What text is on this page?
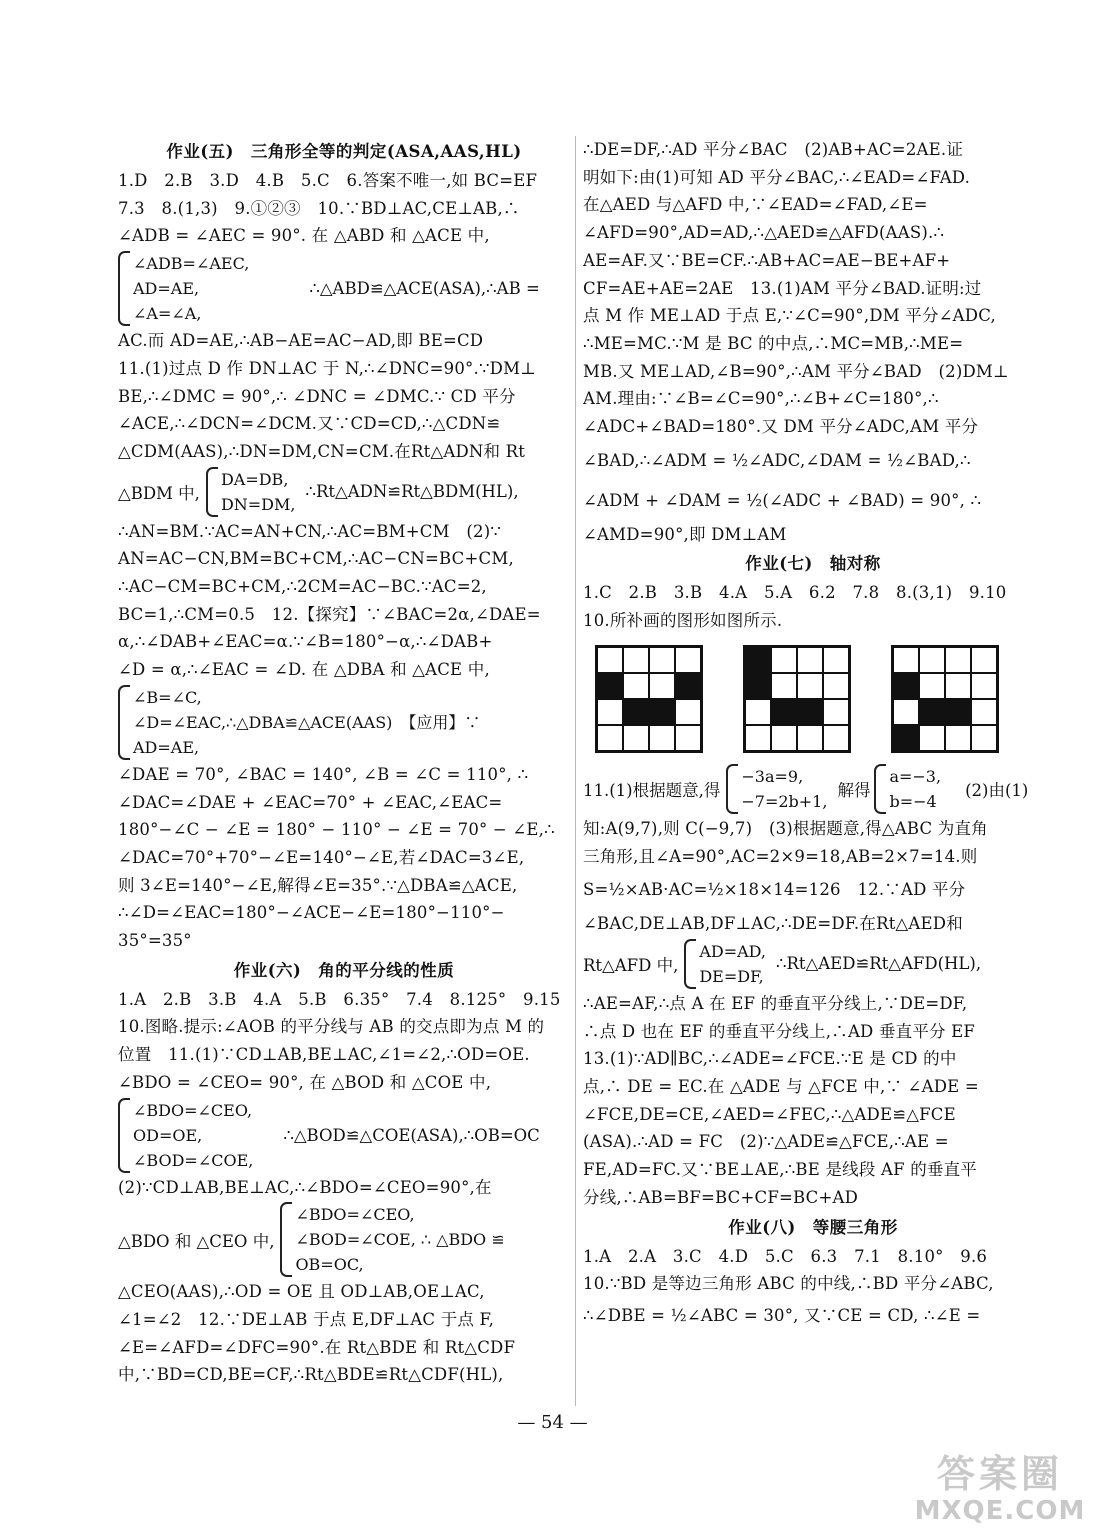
作业(五)　三角形全等的判定(ASA,AAS,HL)
1.D　2.B　3.D　4.B　5.C　6.答案不唯一,如 BC=EF
7.3　8.(1,3)　9.①②③　10.∵BD⊥AC,CE⊥AB,∴
∠ADB = ∠AEC = 90°. 在 △ABD 和 △ACE 中,
∠ADB=∠AEC,
AD=AE,
∠A=∠A,
∴△ABD≌△ACE(ASA),∴AB =
AC.而 AD=AE,∴AB−AE=AC−AD,即 BE=CD
11.(1)过点 D 作 DN⊥AC 于 N,∴∠DNC=90°.∵DM⊥
BE,∴∠DMC = 90°,∴ ∠DNC = ∠DMC.∵ CD 平分
∠ACE,∴∠DCN=∠DCM.又∵CD=CD,∴△CDN≌
△CDM(AAS),∴DN=DM,CN=CM.在Rt△ADN和 Rt
△BDM 中,
DA=DB,
DN=DM,
∴Rt△ADN≌Rt△BDM(HL),
∴AN=BM.∵AC=AN+CN,∴AC=BM+CM　(2)∵
AN=AC−CN,BM=BC+CM,∴AC−CN=BC+CM,
∴AC−CM=BC+CM,∴2CM=AC−BC.∵AC=2,
BC=1,∴CM=0.5　12.【探究】∵∠BAC=2α,∠DAE=
α,∴∠DAB+∠EAC=α.∵∠B=180°−α,∴∠DAB+
∠D = α,∴∠EAC = ∠D. 在 △DBA 和 △ACE 中,
∠B=∠C,
∠D=∠EAC,∴△DBA≌△ACE(AAS)　【应用】∵
AD=AE,
∠DAE = 70°, ∠BAC = 140°, ∠B = ∠C = 110°, ∴
∠DAC=∠DAE + ∠EAC=70° + ∠EAC,∠EAC=
180°−∠C − ∠E = 180° − 110° − ∠E = 70° − ∠E,∴
∠DAC=70°+70°−∠E=140°−∠E,若∠DAC=3∠E,
则 3∠E=140°−∠E,解得∠E=35°.∵△DBA≌△ACE,
∴∠D=∠EAC=180°−∠ACE−∠E=180°−110°−
35°=35°
作业(六)　角的平分线的性质
1.A　2.B　3.B　4.A　5.B　6.35°　7.4　8.125°　9.15
10.图略.提示:∠AOB 的平分线与 AB 的交点即为点 M 的
位置　11.(1)∵CD⊥AB,BE⊥AC,∠1=∠2,∴OD=OE.
∠BDO = ∠CEO= 90°, 在 △BOD 和 △COE 中,
∠BDO=∠CEO,
OD=OE,
∠BOD=∠COE,
∴△BOD≌△COE(ASA),∴OB=OC
(2)∵CD⊥AB,BE⊥AC,∴∠BDO=∠CEO=90°,在
△BDO 和 △CEO 中,
∠BDO=∠CEO,
∠BOD=∠COE, ∴ △BDO ≌
OB=OC,
△CEO(AAS),∴OD = OE 且 OD⊥AB,OE⊥AC,
∠1=∠2　12.∵DE⊥AB 于点 E,DF⊥AC 于点 F,
∠E=∠AFD=∠DFC=90°.在 Rt△BDE 和 Rt△CDF
中,∵BD=CD,BE=CF,∴Rt△BDE≌Rt△CDF(HL),
∴DE=DF,∴AD 平分∠BAC　(2)AB+AC=2AE.证
明如下:由(1)可知 AD 平分∠BAC,∴∠EAD=∠FAD.
在△AED 与△AFD 中,∵∠EAD=∠FAD,∠E=
∠AFD=90°,AD=AD,∴△AED≌△AFD(AAS).∴
AE=AF.又∵BE=CF.∴AB+AC=AE−BE+AF+
CF=AE+AE=2AE　13.(1)AM 平分∠BAD.证明:过
点 M 作 ME⊥AD 于点 E,∵∠C=90°,DM 平分∠ADC,
∴ME=MC.∵M 是 BC 的中点,∴MC=MB,∴ME=
MB.又 ME⊥AD,∠B=90°,∴AM 平分∠BAD　(2)DM⊥
AM.理由:∵∠B=∠C=90°,∴∠B+∠C=180°,∴
∠ADC+∠BAD=180°.又 DM 平分∠ADC,AM 平分
∠BAD,∴∠ADM = ½∠ADC,∠DAM = ½∠BAD,∴
∠ADM + ∠DAM = ½(∠ADC + ∠BAD) = 90°, ∴
∠AMD=90°,即 DM⊥AM
作业(七)　轴对称
1.C　2.B　3.B　4.A　5.A　6.2　7.8　8.(3,1)　9.10
10.所补画的图形如图所示.
11.(1)根据题意,得
−3a=9,
−7=2b+1,
解得
a=−3,
b=−4
(2)由(1)
知:A(9,7),则 C(−9,7)　(3)根据题意,得△ABC 为直角
三角形,且∠A=90°,AC=2×9=18,AB=2×7=14.则
S=½×AB·AC=½×18×14=126　12.∵AD 平分
∠BAC,DE⊥AB,DF⊥AC,∴DE=DF.在Rt△AED和
Rt△AFD 中,
AD=AD,
DE=DF,
∴Rt△AED≌Rt△AFD(HL),
∴AE=AF,∴点 A 在 EF 的垂直平分线上,∵DE=DF,
∴点 D 也在 EF 的垂直平分线上,∴AD 垂直平分 EF
13.(1)∵AD∥BC,∴∠ADE=∠FCE.∵E 是 CD 的中
点,∴ DE = EC.在 △ADE 与 △FCE 中,∵ ∠ADE =
∠FCE,DE=CE,∠AED=∠FEC,∴△ADE≌△FCE
(ASA).∴AD = FC　(2)∵△ADE≌△FCE,∴AE =
FE,AD=FC.又∵BE⊥AE,∴BE 是线段 AF 的垂直平
分线,∴AB=BF=BC+CF=BC+AD
作业(八)　等腰三角形
1.A　2.A　3.C　4.D　5.C　6.3　7.1　8.10°　9.6
10.∵BD 是等边三角形 ABC 的中线,∴BD 平分∠ABC,
∴∠DBE = ½∠ABC = 30°, 又∵CE = CD, ∴∠E =
— 54 —
答案圈
MXQE.COM
